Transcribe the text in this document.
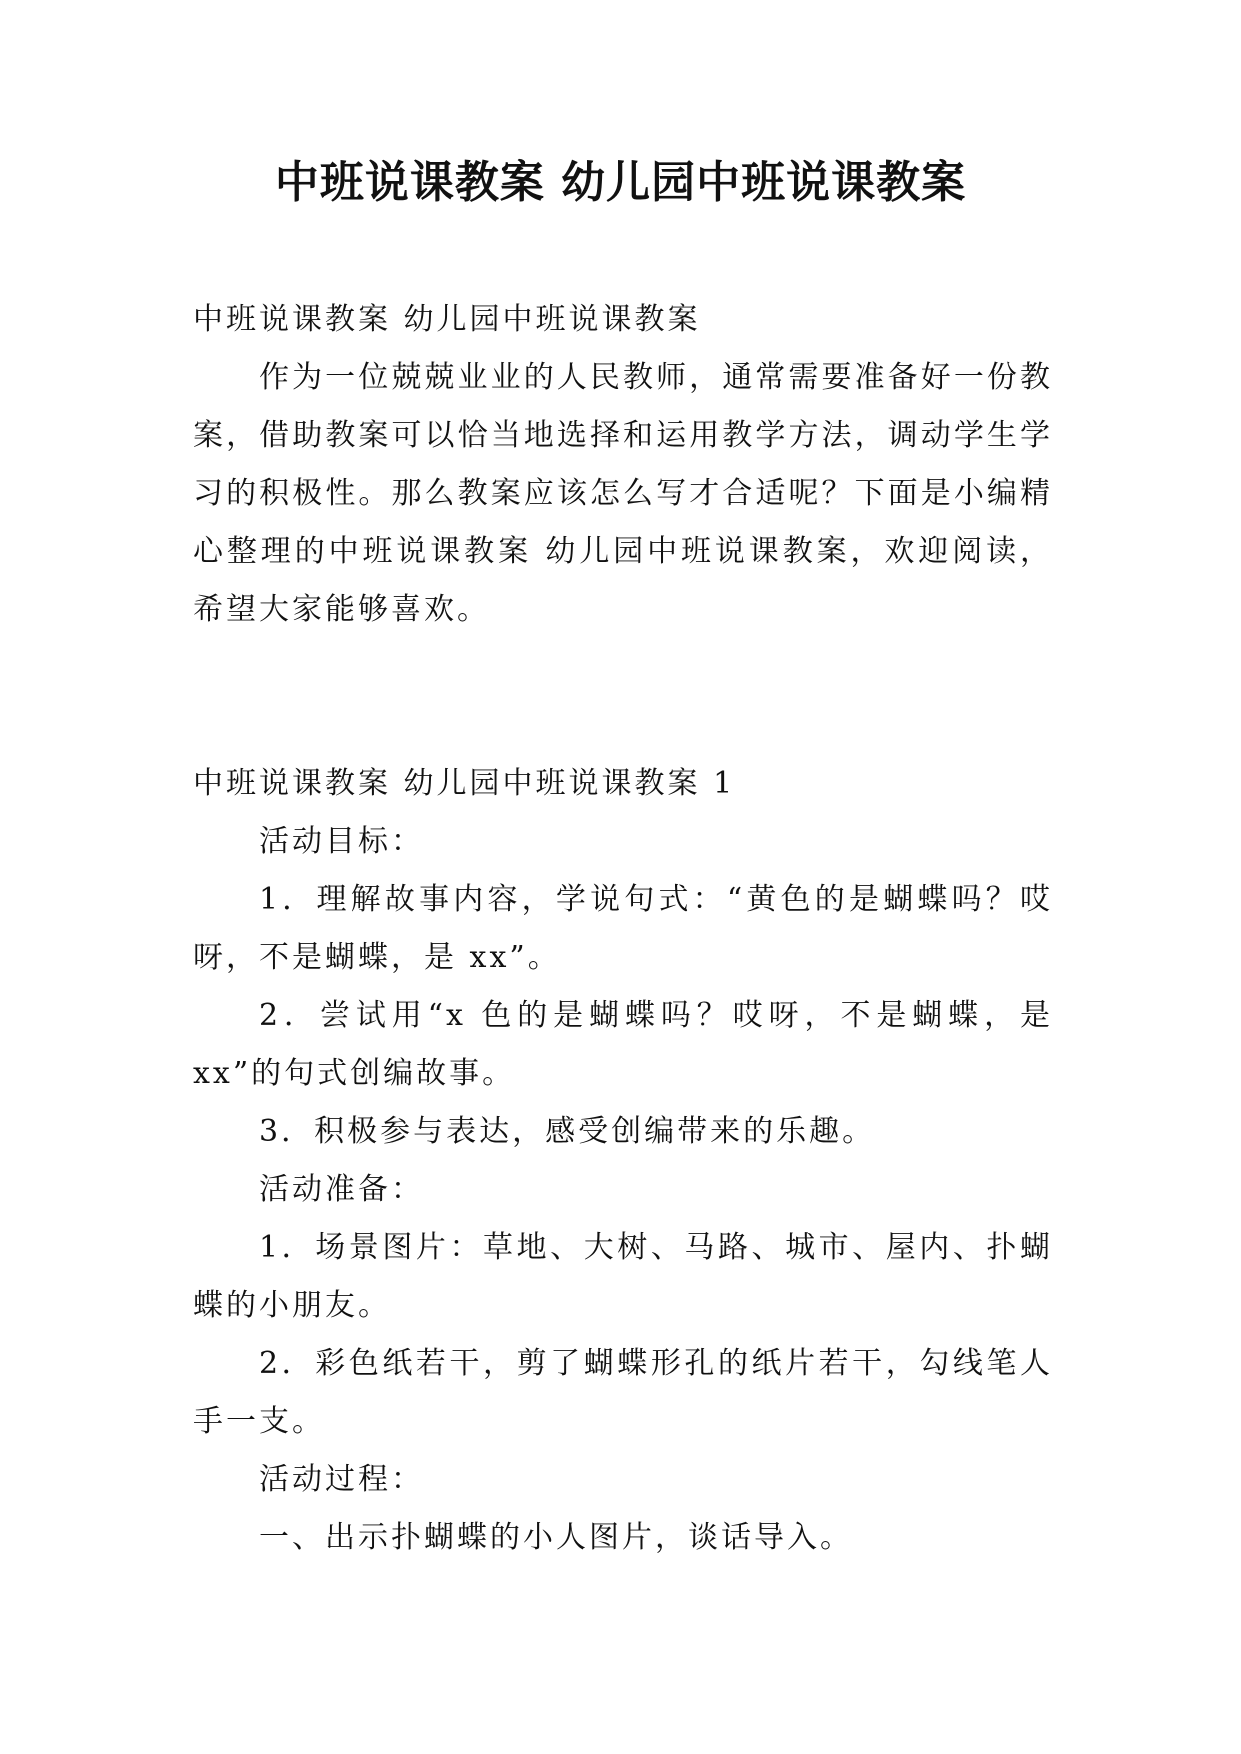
中班说课教案 幼儿园中班说课教案

中班说课教案 幼儿园中班说课教案

作为一位兢兢业业的人民教师，通常需要准备好一份教案，借助教案可以恰当地选择和运用教学方法，调动学生学习的积极性。那么教案应该怎么写才合适呢？下面是小编精心整理的中班说课教案 幼儿园中班说课教案，欢迎阅读，希望大家能够喜欢。

中班说课教案 幼儿园中班说课教案 1

活动目标：

1．理解故事内容，学说句式：“黄色的是蝴蝶吗？哎呀，不是蝴蝶，是 xx”。

2．尝试用“x 色的是蝴蝶吗？哎呀，不是蝴蝶，是 xx”的句式创编故事。

3．积极参与表达，感受创编带来的乐趣。

活动准备：

1．场景图片：草地、大树、马路、城市、屋内、扑蝴蝶的小朋友。

2．彩色纸若干，剪了蝴蝶形孔的纸片若干，勾线笔人手一支。

活动过程：

一、出示扑蝴蝶的小人图片，谈话导入。
